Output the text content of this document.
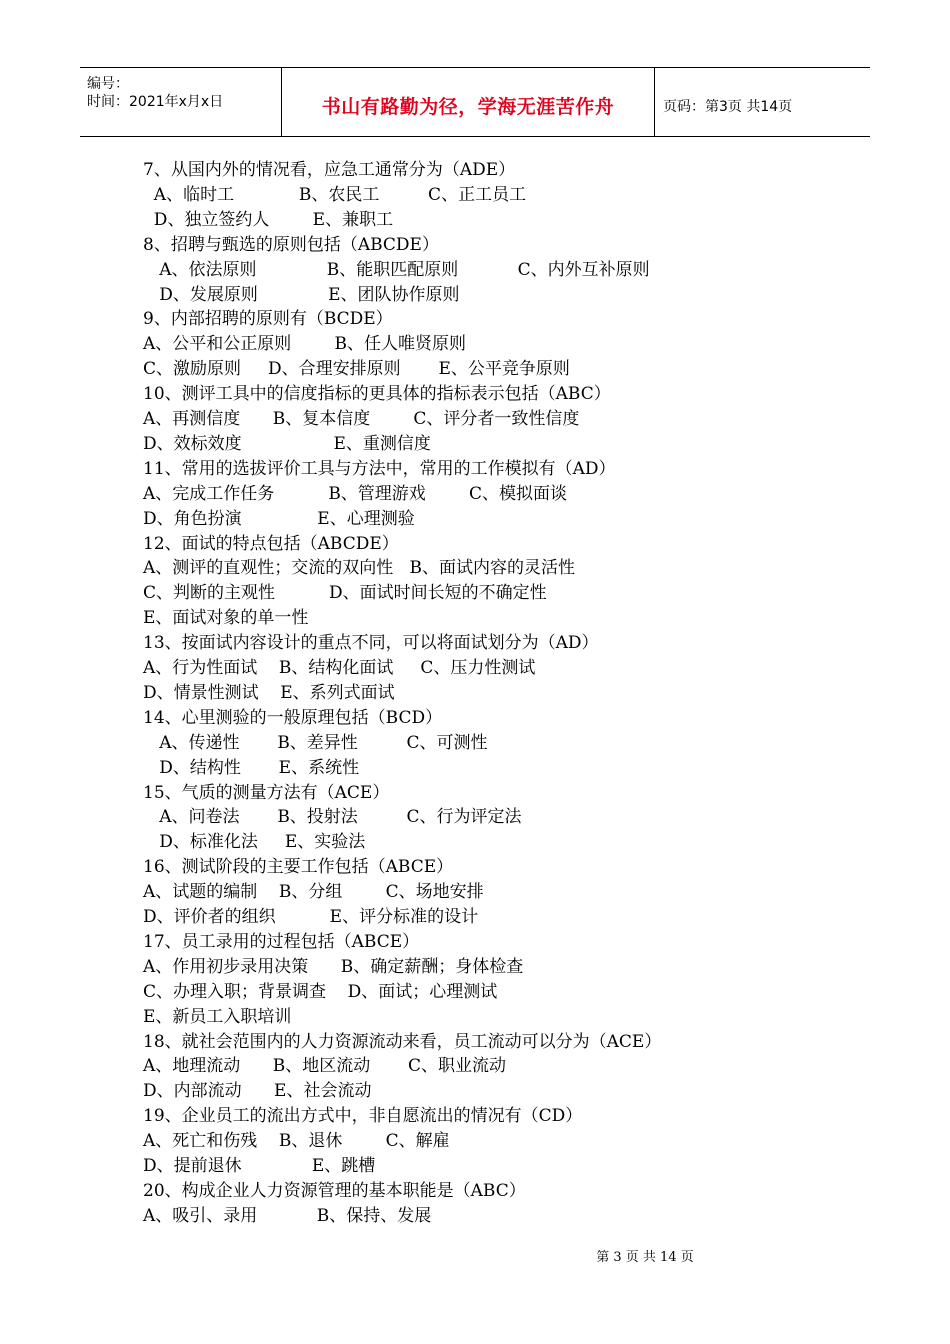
编号：
时间：2021年x月x日	书山有路勤为径，学海无涯苦作舟	页码：第3页 共14页
7、从国内外的情况看，应急工通常分为（ADE）
A、临时工            B、农民工         C、正工员工
D、独立签约人        E、兼职工
8、招聘与甄选的原则包括（ABCDE）
A、依法原则             B、能职匹配原则           C、内外互补原则
D、发展原则             E、团队协作原则
9、内部招聘的原则有（BCDE）
A、公平和公正原则        B、任人唯贤原则
C、激励原则     D、合理安排原则       E、公平竞争原则
10、测评工具中的信度指标的更具体的指标表示包括（ABC）
A、再测信度      B、复本信度        C、评分者一致性信度
D、效标效度                 E、重测信度
11、常用的选拔评价工具与方法中，常用的工作模拟有（AD）
A、完成工作任务          B、管理游戏        C、模拟面谈
D、角色扮演              E、心理测验
12、面试的特点包括（ABCDE）
A、测评的直观性；交流的双向性   B、面试内容的灵活性
C、判断的主观性          D、面试时间长短的不确定性
E、面试对象的单一性
13、按面试内容设计的重点不同，可以将面试划分为（AD）
A、行为性面试    B、结构化面试     C、压力性测试
D、情景性测试    E、系列式面试
14、心里测验的一般原理包括（BCD）
A、传递性       B、差异性         C、可测性
D、结构性       E、系统性
15、气质的测量方法有（ACE）
A、问卷法       B、投射法         C、行为评定法
D、标准化法     E、实验法
16、测试阶段的主要工作包括（ABCE）
A、试题的编制    B、分组        C、场地安排
D、评价者的组织          E、评分标准的设计
17、员工录用的过程包括（ABCE）
A、作用初步录用决策      B、确定薪酬；身体检查
C、办理入职；背景调查    D、面试；心理测试
E、新员工入职培训
18、就社会范围内的人力资源流动来看，员工流动可以分为（ACE）
A、地理流动      B、地区流动       C、职业流动
D、内部流动      E、社会流动
19、企业员工的流出方式中，非自愿流出的情况有（CD）
A、死亡和伤残    B、退休        C、解雇
D、提前退休             E、跳槽
20、构成企业人力资源管理的基本职能是（ABC）
A、吸引、录用           B、保持、发展
第 3 页 共 14 页
